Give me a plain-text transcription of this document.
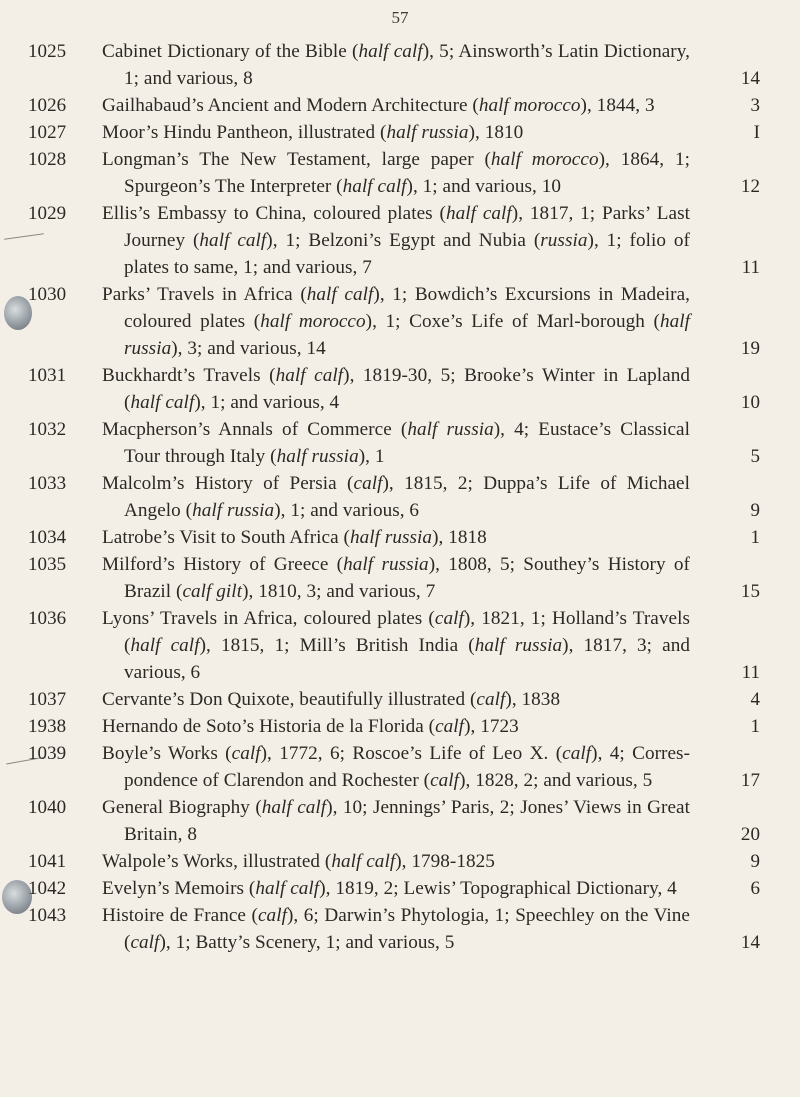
57
1025	Cabinet Dictionary of the Bible (half calf), 5; Ainsworth’s Latin Dictionary, 1; and various, 8	14
1026	Gailhabaud’s Ancient and Modern Architecture (half morocco), 1844, 3	3
1027	Moor’s Hindu Pantheon, illustrated (half russia), 1810	I
1028	Longman’s The New Testament, large paper (half morocco), 1864, 1; Spurgeon’s The Interpreter (half calf), 1; and various, 10	12
1029	Ellis’s Embassy to China, coloured plates (half calf), 1817, 1; Parks’ Last Journey (half calf), 1; Belzoni’s Egypt and Nubia (russia), 1; folio of plates to same, 1; and various, 7	11
1030	Parks’ Travels in Africa (half calf), 1; Bowdich’s Excursions in Madeira, coloured plates (half morocco), 1; Coxe’s Life of Marl-borough (half russia), 3; and various, 14	19
1031	Buckhardt’s Travels (half calf), 1819-30, 5; Brooke’s Winter in Lapland (half calf), 1; and various, 4	10
1032	Macpherson’s Annals of Commerce (half russia), 4; Eustace’s Classical Tour through Italy (half russia), 1	5
1033	Malcolm’s History of Persia (calf), 1815, 2; Duppa’s Life of Michael Angelo (half russia), 1; and various, 6	9
1034	Latrobe’s Visit to South Africa (half russia), 1818	1
1035	Milford’s History of Greece (half russia), 1808, 5; Southey’s History of Brazil (calf gilt), 1810, 3; and various, 7	15
1036	Lyons’ Travels in Africa, coloured plates (calf), 1821, 1; Holland’s Travels (half calf), 1815, 1; Mill’s British India (half russia), 1817, 3; and various, 6	11
1037	Cervante’s Don Quixote, beautifully illustrated (calf), 1838	4
1938	Hernando de Soto’s Historia de la Florida (calf), 1723	1
1039	Boyle’s Works (calf), 1772, 6; Roscoe’s Life of Leo X. (calf), 4; Corres-pondence of Clarendon and Rochester (calf), 1828, 2; and various, 5	17
1040	General Biography (half calf), 10; Jennings’ Paris, 2; Jones’ Views in Great Britain, 8	20
1041	Walpole’s Works, illustrated (half calf), 1798-1825	9
1042	Evelyn’s Memoirs (half calf), 1819, 2; Lewis’ Topographical Dictionary, 4	6
1043	Histoire de France (calf), 6; Darwin’s Phytologia, 1; Speechley on the Vine (calf), 1; Batty’s Scenery, 1; and various, 5	14
